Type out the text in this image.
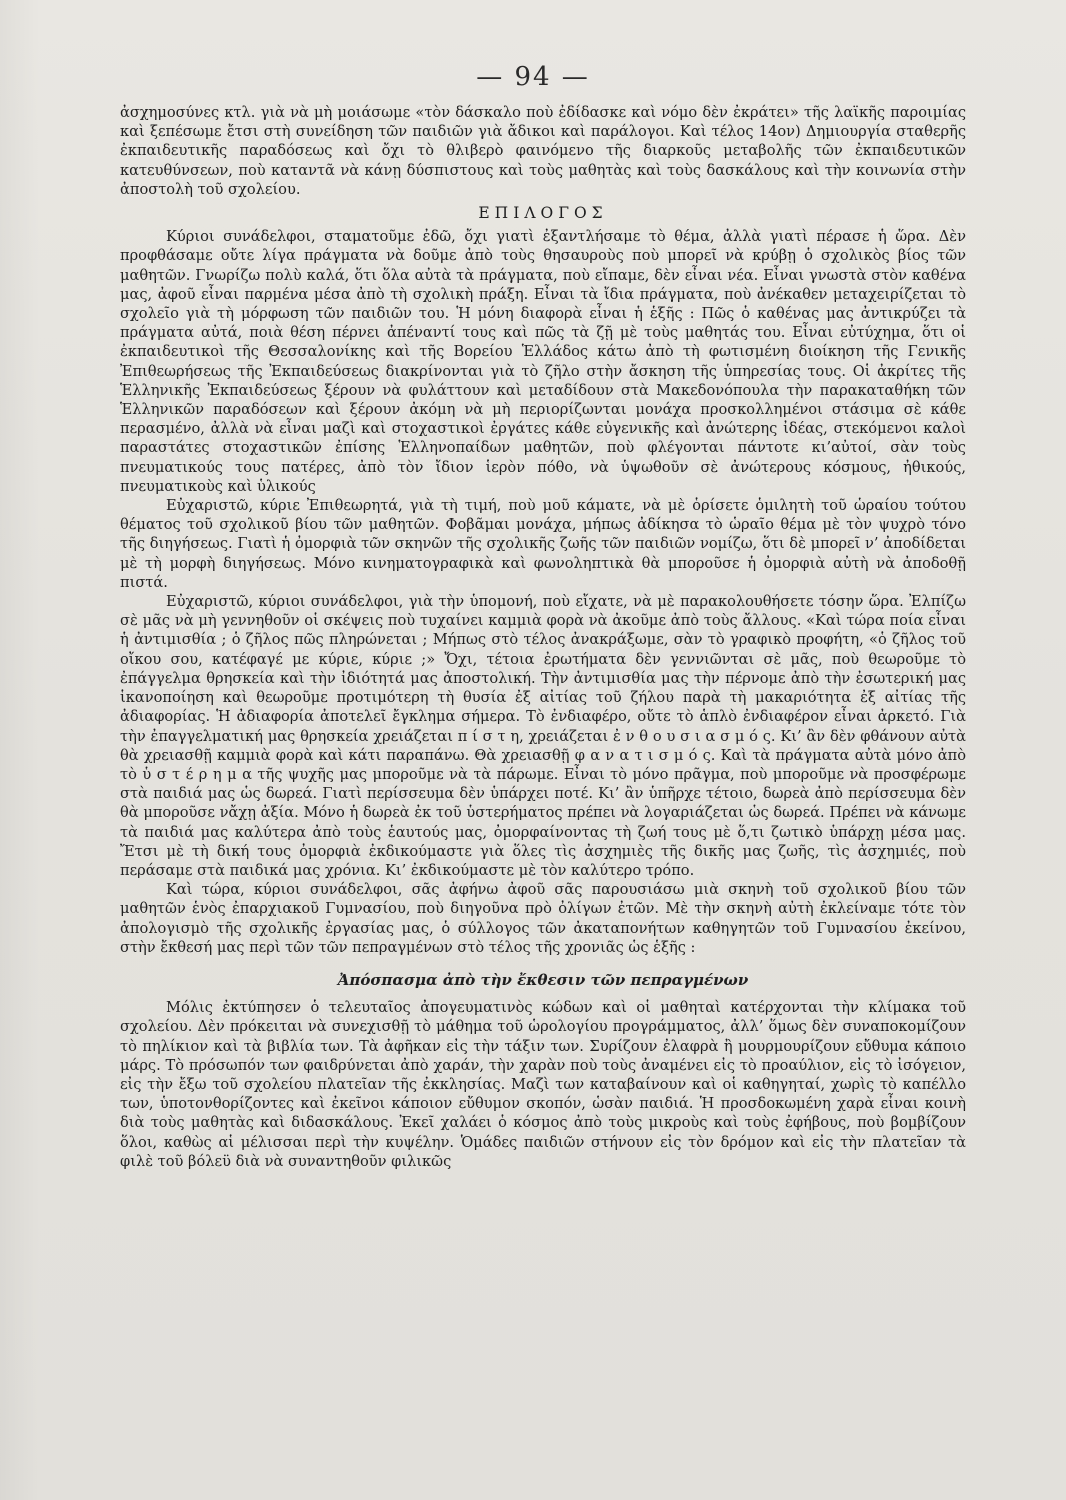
— 94 —

ἀσχημοσύνες κτλ. γιὰ νὰ μὴ μοιάσωμε «τὸν δάσκαλο ποὺ ἐδίδασκε καὶ νόμο δὲν ἐκράτει» τῆς λαϊκῆς παροιμίας καὶ ξεπέσωμε ἔτσι στὴ συνείδηση τῶν παιδιῶν γιὰ ἄδικοι καὶ παράλογοι. Καὶ τέλος 14ον) Δημιουργία σταθερῆς ἐκπαιδευτικῆς παραδόσεως καὶ ὄχι τὸ θλιβερὸ φαινόμενο τῆς διαρκοῦς μεταβολῆς τῶν ἐκπαιδευτικῶν κατευθύνσεων, ποὺ καταντᾶ νὰ κάνῃ δύσπιστους καὶ τοὺς μαθητὰς καὶ τοὺς δασκάλους καὶ τὴν κοινωνία στὴν ἀποστολὴ τοῦ σχολείου.

ΕΠΙΛΟΓΟΣ

Κύριοι συνάδελφοι, σταματοῦμε ἐδῶ, ὄχι γιατὶ ἐξαντλήσαμε τὸ θέμα, ἀλλὰ γιατὶ πέρασε ἡ ὥρα. Δὲν προφθάσαμε οὔτε λίγα πράγματα νὰ δοῦμε ἀπὸ τοὺς θησαυροὺς ποὺ μπορεῖ νὰ κρύβῃ ὁ σχολικὸς βίος τῶν μαθητῶν. Γνωρίζω πολὺ καλά, ὅτι ὅλα αὐτὰ τὰ πράγματα, ποὺ εἴπαμε, δὲν εἶναι νέα. Εἶναι γνωστὰ στὸν καθένα μας, ἀφοῦ εἶναι παρμένα μέσα ἀπὸ τὴ σχολικὴ πράξη. Εἶναι τὰ ἴδια πράγματα, ποὺ ἀνέκαθεν μεταχειρίζεται τὸ σχολεῖο γιὰ τὴ μόρφωση τῶν παιδιῶν του. Ἡ μόνη διαφορὰ εἶναι ἡ ἑξῆς : Πῶς ὁ καθένας μας ἀντικρύζει τὰ πράγματα αὐτά, ποιὰ θέση πέρνει ἀπέναντί τους καὶ πῶς τὰ ζῇ μὲ τοὺς μαθητάς του. Εἶναι εὐτύχημα, ὅτι οἱ ἐκπαιδευτικοὶ τῆς Θεσσαλονίκης καὶ τῆς Βορείου Ἑλλάδος κάτω ἀπὸ τὴ φωτισμένη διοίκηση τῆς Γενικῆς Ἐπιθεωρήσεως τῆς Ἐκπαιδεύσεως διακρίνονται γιὰ τὸ ζῆλο στὴν ἄσκηση τῆς ὑπηρεσίας τους. Οἱ ἀκρίτες τῆς Ἑλληνικῆς Ἐκπαιδεύσεως ξέρουν νὰ φυλάττουν καὶ μεταδίδουν στὰ Μακεδονόπουλα τὴν παρακαταθήκη τῶν Ἑλληνικῶν παραδόσεων καὶ ξέρουν ἀκόμη νὰ μὴ περιορίζωνται μονάχα προσκολλημένοι στάσιμα σὲ κάθε περασμένο, ἀλλὰ νὰ εἶναι μαζὶ καὶ στοχαστικοὶ ἐργάτες κάθε εὐγενικῆς καὶ ἀνώτερης ἰδέας, στεκόμενοι καλοὶ παραστάτες στοχαστικῶν ἐπίσης Ἑλληνοπαίδων μαθητῶν, ποὺ φλέγονται πάντοτε κι’αὐτοί, σὰν τοὺς πνευματικούς τους πατέρες, ἀπὸ τὸν ἴδιον ἱερὸν πόθο, νὰ ὑψωθοῦν σὲ ἀνώτερους κόσμους, ἠθικούς, πνευματικοὺς καὶ ὑλικούς

Εὐχαριστῶ, κύριε Ἐπιθεωρητά, γιὰ τὴ τιμή, ποὺ μοῦ κάματε, νὰ μὲ ὁρίσετε ὁμιλητὴ τοῦ ὡραίου τούτου θέματος τοῦ σχολικοῦ βίου τῶν μαθητῶν. Φοβᾶμαι μονάχα, μήπως ἀδίκησα τὸ ὡραῖο θέμα μὲ τὸν ψυχρὸ τόνο τῆς διηγήσεως. Γιατὶ ἡ ὀμορφιὰ τῶν σκηνῶν τῆς σχολικῆς ζωῆς τῶν παιδιῶν νομίζω, ὅτι δὲ μπορεῖ ν’ ἀποδίδεται μὲ τὴ μορφὴ διηγήσεως. Μόνο κινηματογραφικὰ καὶ φωνοληπτικὰ θὰ μποροῦσε ἡ ὀμορφιὰ αὐτὴ νὰ ἀποδοθῇ πιστά.

Εὐχαριστῶ, κύριοι συνάδελφοι, γιὰ τὴν ὑπομονή, ποὺ εἴχατε, νὰ μὲ παρακολουθήσετε τόσην ὥρα. Ἐλπίζω σὲ μᾶς νὰ μὴ γεννηθοῦν οἱ σκέψεις ποὺ τυχαίνει καμμιὰ φορὰ νὰ ἀκοῦμε ἀπὸ τοὺς ἄλλους. «Καὶ τώρα ποία εἶναι ἡ ἀντιμισθία ; ὁ ζῆλος πῶς πληρώνεται ; Μήπως στὸ τέλος ἀνακράξωμε, σὰν τὸ γραφικὸ προφήτη, «ὁ ζῆλος τοῦ οἴκου σου, κατέφαγέ με κύριε, κύριε ;» Ὄχι, τέτοια ἐρωτήματα δὲν γεννιῶνται σὲ μᾶς, ποὺ θεωροῦμε τὸ ἐπάγγελμα θρησκεία καὶ τὴν ἰδιότητά μας ἀποστολική. Τὴν ἀντιμισθία μας τὴν πέρνομε ἀπὸ τὴν ἐσωτερική μας ἱκανοποίηση καὶ θεωροῦμε προτιμότερη τὴ θυσία ἐξ αἰτίας τοῦ ζήλου παρὰ τὴ μακαριότητα ἐξ αἰτίας τῆς ἀδιαφορίας. Ἡ ἀδιαφορία ἀποτελεῖ ἔγκλημα σήμερα. Τὸ ἐνδιαφέρο, οὔτε τὸ ἁπλὸ ἐνδιαφέρον εἶναι ἀρκετό. Γιὰ τὴν ἐπαγγελματική μας θρησκεία χρειάζεται π ί σ τ η, χρειάζεται ἐ ν θ ο υ σ ι α σ μ ό ς. Κι’ ἂν δὲν φθάνουν αὐτὰ θὰ χρειασθῇ καμμιὰ φορὰ καὶ κάτι παραπάνω. Θὰ χρειασθῇ φ α ν α τ ι σ μ ό ς. Καὶ τὰ πράγματα αὐτὰ μόνο ἀπὸ τὸ ὑ σ τ έ ρ η μ α τῆς ψυχῆς μας μποροῦμε νὰ τὰ πάρωμε. Εἶναι τὸ μόνο πρᾶγμα, ποὺ μποροῦμε νὰ προσφέρωμε στὰ παιδιά μας ὡς δωρεά. Γιατὶ περίσσευμα δὲν ὑπάρχει ποτέ. Κι’ ἂν ὑπῆρχε τέτοιο, δωρεὰ ἀπὸ περίσσευμα δὲν θὰ μποροῦσε νἄχῃ ἀξία. Μόνο ἡ δωρεὰ ἐκ τοῦ ὑστερήματος πρέπει νὰ λογαριάζεται ὡς δωρεά. Πρέπει νὰ κάνωμε τὰ παιδιά μας καλύτερα ἀπὸ τοὺς ἑαυτούς μας, ὀμορφαίνοντας τὴ ζωή τους μὲ ὅ,τι ζωτικὸ ὑπάρχῃ μέσα μας. Ἔτσι μὲ τὴ δική τους ὀμορφιὰ ἐκδικούμαστε γιὰ ὅλες τὶς ἀσχημιὲς τῆς δικῆς μας ζωῆς, τὶς ἀσχημιές, ποὺ περάσαμε στὰ παιδικά μας χρόνια. Κι’ ἐκδικούμαστε μὲ τὸν καλύτερο τρόπο.

Καὶ τώρα, κύριοι συνάδελφοι, σᾶς ἀφήνω ἀφοῦ σᾶς παρουσιάσω μιὰ σκηνὴ τοῦ σχολικοῦ βίου τῶν μαθητῶν ἑνὸς ἐπαρχιακοῦ Γυμνασίου, ποὺ διηγοῦνα πρὸ ὀλίγων ἐτῶν. Μὲ τὴν σκηνὴ αὐτὴ ἐκλείναμε τότε τὸν ἀπολογισμὸ τῆς σχολικῆς ἐργασίας μας, ὁ σύλλογος τῶν ἀκαταπονήτων καθηγητῶν τοῦ Γυμνασίου ἐκείνου, στὴν ἔκθεσή μας περὶ τῶν τῶν πεπραγμένων στὸ τέλος τῆς χρονιᾶς ὡς ἑξῆς :

Ἀπόσπασμα ἀπὸ τὴν ἔκθεσιν τῶν πεπραγμένων

Μόλις ἐκτύπησεν ὁ τελευταῖος ἀπογευματινὸς κώδων καὶ οἱ μαθηταὶ κατέρχονται τὴν κλίμακα τοῦ σχολείου. Δὲν πρόκειται νὰ συνεχισθῇ τὸ μάθημα τοῦ ὡρολογίου προγράμματος, ἀλλ’ ὅμως δὲν συναποκομίζουν τὸ πηλίκιον καὶ τὰ βιβλία των. Τὰ ἀφῆκαν εἰς τὴν τάξιν των. Συρίζουν ἐλαφρὰ ἢ μουρμουρίζουν εὔθυμα κάποιο μάρς. Τὸ πρόσωπόν των φαιδρύνεται ἀπὸ χαράν, τὴν χαρὰν ποὺ τοὺς ἀναμένει εἰς τὸ προαύλιον, εἰς τὸ ἰσόγειον, εἰς τὴν ἔξω τοῦ σχολείου πλατεῖαν τῆς ἐκκλησίας. Μαζὶ των καταβαίνουν καὶ οἱ καθηγηταί, χωρὶς τὸ καπέλλο των, ὑποτονθορίζοντες καὶ ἐκεῖνοι κάποιον εὔθυμον σκοπόν, ὡσὰν παιδιά. Ἡ προσδοκωμένη χαρὰ εἶναι κοινὴ διὰ τοὺς μαθητὰς καὶ διδασκάλους. Ἐκεῖ χαλάει ὁ κόσμος ἀπὸ τοὺς μικροὺς καὶ τοὺς ἐφήβους, ποὺ βομβίζουν ὅλοι, καθὼς αἱ μέλισσαι περὶ τὴν κυψέλην. Ὁμάδες παιδιῶν στήνουν εἰς τὸν δρόμον καὶ εἰς τὴν πλατεῖαν τὰ φιλὲ τοῦ βόλεϋ διὰ νὰ συναντηθοῦν φιλικῶς
